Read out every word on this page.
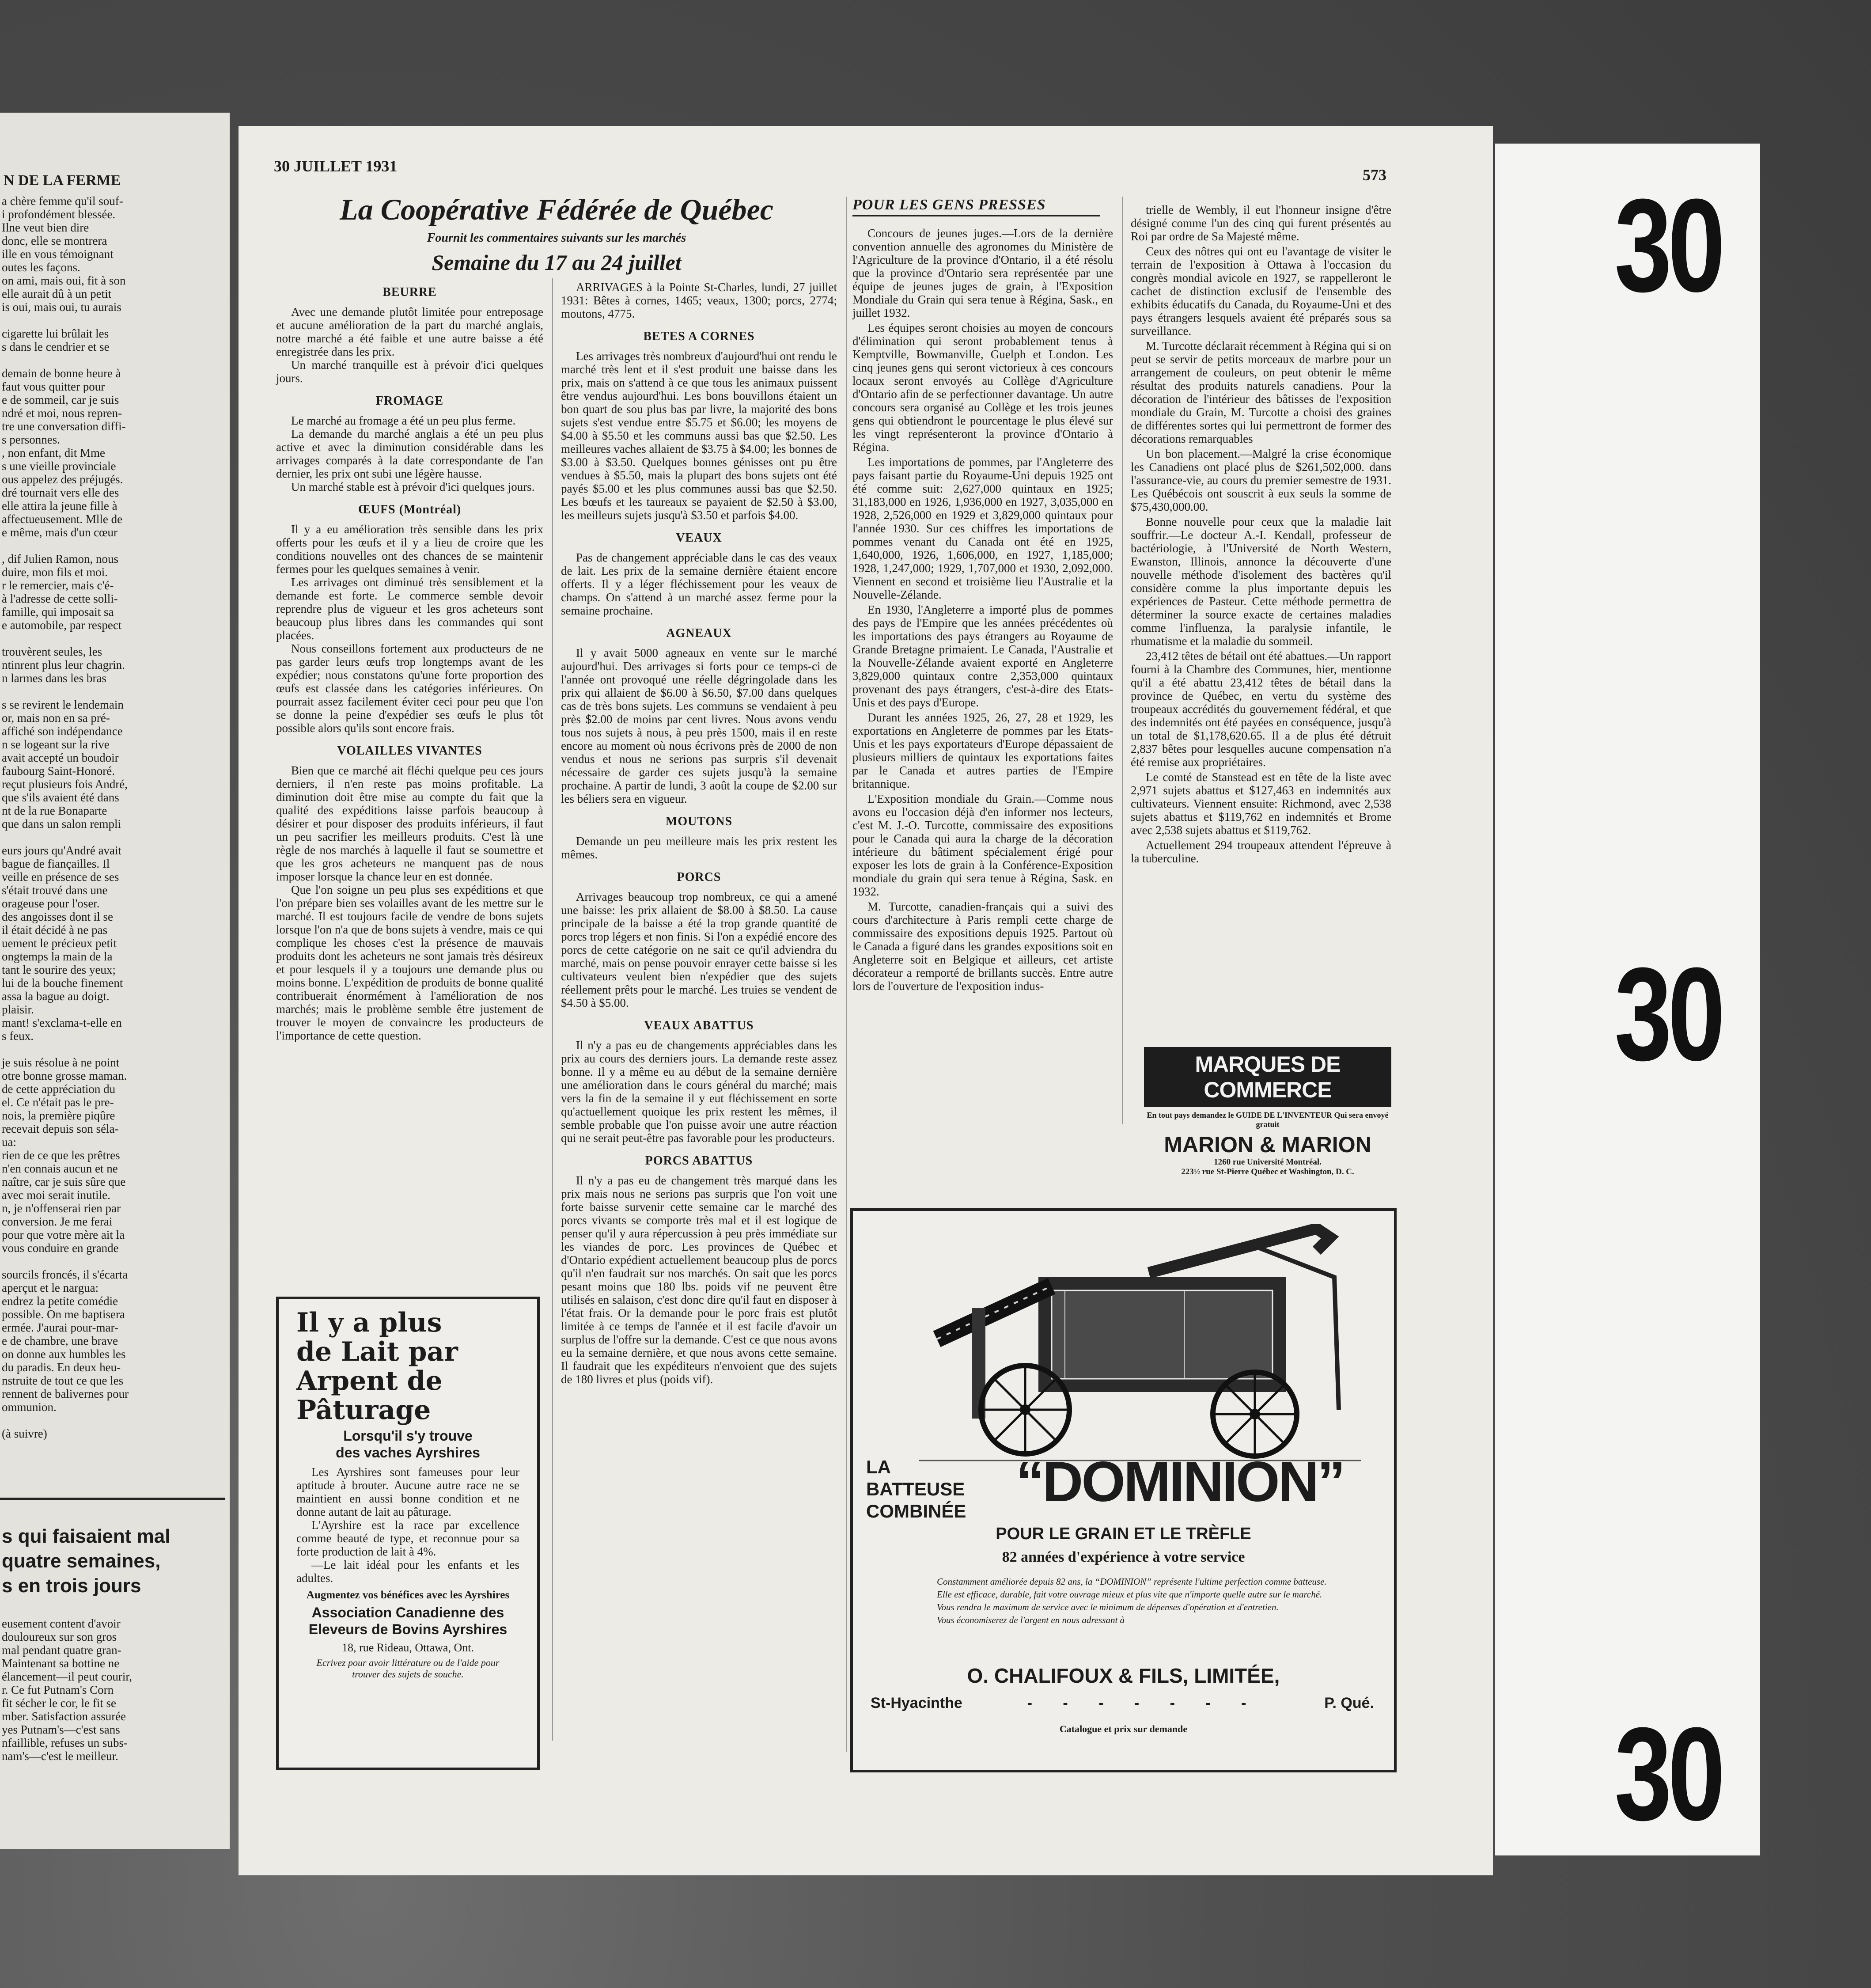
N DE LA FERME
a chère femme qu'il souf-
i profondément blessée.
Ilne veut bien dire
donc, elle se montrera
ille en vous témoignant
outes les façons.
on ami, mais oui, fit à son
elle aurait dû à un petit
is oui, mais oui, tu aurais
cigarette lui brûlait les
s dans le cendrier et se
demain de bonne heure à
faut vous quitter pour
e de sommeil, car je suis
ndré et moi, nous repren-
tre une conversation diffi-
s personnes.
, non enfant, dit Mme
s une vieille provinciale
ous appelez des préjugés.
dré tournait vers elle des
elle attira la jeune fille à
affectueusement. Mlle de
e même, mais d'un cœur
, dif Julien Ramon, nous
duire, mon fils et moi.
r le remercier, mais c'é-
à l'adresse de cette solli-
famille, qui imposait sa
e automobile, par respect
trouvèrent seules, les
ntinrent plus leur chagrin.
n larmes dans les bras
s se revirent le lendemain
or, mais non en sa pré-
affiché son indépendance
n se logeant sur la rive
avait accepté un boudoir
faubourg Saint-Honoré.
reçut plusieurs fois André,
que s'ils avaient été dans
nt de la rue Bonaparte
que dans un salon rempli
eurs jours qu'André avait
bague de fiançailles. Il
veille en présence de ses
s'était trouvé dans une
orageuse pour l'oser.
des angoisses dont il se
il était décidé à ne pas
uement le précieux petit
ongtemps la main de la
tant le sourire des yeux;
lui de la bouche finement
assa la bague au doigt.
plaisir.
mant! s'exclama-t-elle en
s feux.
je suis résolue à ne point
otre bonne grosse maman.
de cette appréciation du
el. Ce n'était pas le pre-
nois, la première piqûre
recevait depuis son séla-
ua:
rien de ce que les prêtres
n'en connais aucun et ne
naître, car je suis sûre que
avec moi serait inutile.
n, je n'offenserai rien par
conversion. Je me ferai
pour que votre mère ait la
vous conduire en grande
sourcils froncés, il s'écarta
aperçut et le nargua:
endrez la petite comédie
possible. On me baptisera
ermée. J'aurai pour-mar-
e de chambre, une brave
on donne aux humbles les
du paradis. En deux heu-
nstruite de tout ce que les
rennent de balivernes pour
ommunion.
(à suivre)
s qui faisaient mal
quatre semaines,
s en trois jours
eusement content d'avoir
douloureux sur son gros
mal pendant quatre gran-
Maintenant sa bottine ne
élancement—il peut courir,
r. Ce fut Putnam's Corn
fit sécher le cor, le fit se
mber. Satisfaction assurée
yes Putnam's—c'est sans
nfaillible, refuses un subs-
nam's—c'est le meilleur.
30 JUILLET 1931	573
La Coopérative Fédérée de Québec
Fournit les commentaires suivants sur les marchés
Semaine du 17 au 24 juillet
BEURRE

Avec une demande plutôt limitée pour entreposage et aucune amélioration de la part du marché anglais, notre marché a été faible et une autre baisse a été enregistrée dans les prix.

Un marché tranquille est à prévoir d'ici quelques jours.

FROMAGE

Le marché au fromage a été un peu plus ferme.

La demande du marché anglais a été un peu plus active et avec la diminution considérable dans les arrivages comparés à la date correspondante de l'an dernier, les prix ont subi une légère hausse.

Un marché stable est à prévoir d'ici quelques jours.

ŒUFS (Montréal)

Il y a eu amélioration très sensible dans les prix offerts pour les œufs et il y a lieu de croire que les conditions nouvelles ont des chances de se maintenir fermes pour les quelques semaines à venir.

Les arrivages ont diminué très sensiblement et la demande est forte. Le commerce semble devoir reprendre plus de vigueur et les gros acheteurs sont beaucoup plus libres dans les commandes qui sont placées.

Nous conseillons fortement aux producteurs de ne pas garder leurs œufs trop longtemps avant de les expédier; nous constatons qu'une forte proportion des œufs est classée dans les catégories inférieures. On pourrait assez facilement éviter ceci pour peu que l'on se donne la peine d'expédier ses œufs le plus tôt possible alors qu'ils sont encore frais.

VOLAILLES VIVANTES

Bien que ce marché ait fléchi quelque peu ces jours derniers, il n'en reste pas moins profitable. La diminution doit être mise au compte du fait que la qualité des expéditions laisse parfois beaucoup à désirer et pour disposer des produits inférieurs, il faut un peu sacrifier les meilleurs produits. C'est là une règle de nos marchés à laquelle il faut se soumettre et que les gros acheteurs ne manquent pas de nous imposer lorsque la chance leur en est donnée.

Que l'on soigne un peu plus ses expéditions et que l'on prépare bien ses volailles avant de les mettre sur le marché. Il est toujours facile de vendre de bons sujets lorsque l'on n'a que de bons sujets à vendre, mais ce qui complique les choses c'est la présence de mauvais produits dont les acheteurs ne sont jamais très désireux et pour lesquels il y a toujours une demande plus ou moins bonne. L'expédition de produits de bonne qualité contribuerait énormément à l'amélioration de nos marchés; mais le problème semble être justement de trouver le moyen de convaincre les producteurs de l'importance de cette question.

ARRIVAGES à la Pointe St-Charles, lundi, 27 juillet 1931: Bêtes à cornes, 1465; veaux, 1300; porcs, 2774; moutons, 4775.

BETES A CORNES

Les arrivages très nombreux d'aujourd'hui ont rendu le marché très lent et il s'est produit une baisse dans les prix, mais on s'attend à ce que tous les animaux puissent être vendus aujourd'hui. Les bons bouvillons étaient un bon quart de sou plus bas par livre, la majorité des bons sujets s'est vendue entre $5.75 et $6.00; les moyens de $4.00 à $5.50 et les communs aussi bas que $2.50. Les meilleures vaches allaient de $3.75 à $4.00; les bonnes de $3.00 à $3.50. Quelques bonnes génisses ont pu être vendues à $5.50, mais la plupart des bons sujets ont été payés $5.00 et les plus communes aussi bas que $2.50. Les bœufs et les taureaux se payaient de $2.50 à $3.00, les meilleurs sujets jusqu'à $3.50 et parfois $4.00.

VEAUX

Pas de changement appréciable dans le cas des veaux de lait. Les prix de la semaine dernière étaient encore offerts. Il y a léger fléchissement pour les veaux de champs. On s'attend à un marché assez ferme pour la semaine prochaine.

AGNEAUX

Il y avait 5000 agneaux en vente sur le marché aujourd'hui. Des arrivages si forts pour ce temps-ci de l'année ont provoqué une réelle dégringolade dans les prix qui allaient de $6.00 à $6.50, $7.00 dans quelques cas de très bons sujets. Les communs se vendaient à peu près $2.00 de moins par cent livres. Nous avons vendu tous nos sujets à nous, à peu près 1500, mais il en reste encore au moment où nous écrivons près de 2000 de non vendus et nous ne serions pas surpris s'il devenait nécessaire de garder ces sujets jusqu'à la semaine prochaine. A partir de lundi, 3 août la coupe de $2.00 sur les béliers sera en vigueur.

MOUTONS

Demande un peu meilleure mais les prix restent les mêmes.

PORCS

Arrivages beaucoup trop nombreux, ce qui a amené une baisse: les prix allaient de $8.00 à $8.50. La cause principale de la baisse a été la trop grande quantité de porcs trop légers et non finis. Si l'on a expédié encore des porcs de cette catégorie on ne sait ce qu'il adviendra du marché, mais on pense pouvoir enrayer cette baisse si les cultivateurs veulent bien n'expédier que des sujets réellement prêts pour le marché. Les truies se vendent de $4.50 à $5.00.

VEAUX ABATTUS

Il n'y a pas eu de changements appréciables dans les prix au cours des derniers jours. La demande reste assez bonne. Il y a même eu au début de la semaine dernière une amélioration dans le cours général du marché; mais vers la fin de la semaine il y eut fléchissement en sorte qu'actuellement quoique les prix restent les mêmes, il semble probable que l'on puisse avoir une autre réaction qui ne serait peut-être pas favorable pour les producteurs.

PORCS ABATTUS

Il n'y a pas eu de changement très marqué dans les prix mais nous ne serions pas surpris que l'on voit une forte baisse survenir cette semaine car le marché des porcs vivants se comporte très mal et il est logique de penser qu'il y aura répercussion à peu près immédiate sur les viandes de porc. Les provinces de Québec et d'Ontario expédient actuellement beaucoup plus de porcs qu'il n'en faudrait sur nos marchés. On sait que les porcs pesant moins que 180 lbs. poids vif ne peuvent être utilisés en salaison, c'est donc dire qu'il faut en disposer à l'état frais. Or la demande pour le porc frais est plutôt limitée à ce temps de l'année et il est facile d'avoir un surplus de l'offre sur la demande. C'est ce que nous avons eu la semaine dernière, et que nous avons cette semaine. Il faudrait que les expéditeurs n'envoient que des sujets de 180 livres et plus (poids vif).

POUR LES GENS PRESSES

Concours de jeunes juges.—Lors de la dernière convention annuelle des agronomes du Ministère de l'Agriculture de la province d'Ontario, il a été résolu que la province d'Ontario sera représentée par une équipe de jeunes juges de grain, à l'Exposition Mondiale du Grain qui sera tenue à Régina, Sask., en juillet 1932.

Les équipes seront choisies au moyen de concours d'élimination qui seront probablement tenus à Kemptville, Bowmanville, Guelph et London. Les cinq jeunes gens qui seront victorieux à ces concours locaux seront envoyés au Collège d'Agriculture d'Ontario afin de se perfectionner davantage. Un autre concours sera organisé au Collège et les trois jeunes gens qui obtiendront le pourcentage le plus élevé sur les vingt représenteront la province d'Ontario à Régina.

Les importations de pommes, par l'Angleterre des pays faisant partie du Royaume-Uni depuis 1925 ont été comme suit: 2,627,000 quintaux en 1925; 31,183,000 en 1926, 1,936,000 en 1927, 3,035,000 en 1928, 2,526,000 en 1929 et 3,829,000 quintaux pour l'année 1930. Sur ces chiffres les importations de pommes venant du Canada ont été en 1925, 1,640,000, 1926, 1,606,000, en 1927, 1,185,000; 1928, 1,247,000; 1929, 1,707,000 et 1930, 2,092,000. Viennent en second et troisième lieu l'Australie et la Nouvelle-Zélande.

En 1930, l'Angleterre a importé plus de pommes des pays de l'Empire que les années précédentes où les importations des pays étrangers au Royaume de Grande Bretagne primaient. Le Canada, l'Australie et la Nouvelle-Zélande avaient exporté en Angleterre 3,829,000 quintaux contre 2,353,000 quintaux provenant des pays étrangers, c'est-à-dire des Etats-Unis et des pays d'Europe.

Durant les années 1925, 26, 27, 28 et 1929, les exportations en Angleterre de pommes par les Etats-Unis et les pays exportateurs d'Europe dépassaient de plusieurs milliers de quintaux les exportations faites par le Canada et autres parties de l'Empire britannique.

L'Exposition mondiale du Grain.—Comme nous avons eu l'occasion déjà d'en informer nos lecteurs, c'est M. J.-O. Turcotte, commissaire des expositions pour le Canada qui aura la charge de la décoration intérieure du bâtiment spécialement érigé pour exposer les lots de grain à la Conférence-Exposition mondiale du grain qui sera tenue à Régina, Sask. en 1932.

M. Turcotte, canadien-français qui a suivi des cours d'architecture à Paris rempli cette charge de commissaire des expositions depuis 1925. Partout où le Canada a figuré dans les grandes expositions soit en Angleterre soit en Belgique et ailleurs, cet artiste décorateur a remporté de brillants succès. Entre autre lors de l'ouverture de l'exposition indus-

trielle de Wembly, il eut l'honneur insigne d'être désigné comme l'un des cinq qui furent présentés au Roi par ordre de Sa Majesté même.

Ceux des nôtres qui ont eu l'avantage de visiter le terrain de l'exposition à Ottawa à l'occasion du congrès mondial avicole en 1927, se rappelleront le cachet de distinction exclusif de l'ensemble des exhibits éducatifs du Canada, du Royaume-Uni et des pays étrangers lesquels avaient été préparés sous sa surveillance.

M. Turcotte déclarait récemment à Régina qui si on peut se servir de petits morceaux de marbre pour un arrangement de couleurs, on peut obtenir le même résultat des produits naturels canadiens. Pour la décoration de l'intérieur des bâtisses de l'exposition mondiale du Grain, M. Turcotte a choisi des graines de différentes sortes qui lui permettront de former des décorations remarquables

Un bon placement.—Malgré la crise économique les Canadiens ont placé plus de $261,502,000. dans l'assurance-vie, au cours du premier semestre de 1931. Les Québécois ont souscrit à eux seuls la somme de $75,430,000.00.

Bonne nouvelle pour ceux que la maladie lait souffrir.—Le docteur A.-I. Kendall, professeur de bactériologie, à l'Université de North Western, Ewanston, Illinois, annonce la découverte d'une nouvelle méthode d'isolement des bactères qu'il considère comme la plus importante depuis les expériences de Pasteur. Cette méthode permettra de déterminer la source exacte de certaines maladies comme l'influenza, la paralysie infantile, le rhumatisme et la maladie du sommeil.

23,412 têtes de bétail ont été abattues.—Un rapport fourni à la Chambre des Communes, hier, mentionne qu'il a été abattu 23,412 têtes de bétail dans la province de Québec, en vertu du système des troupeaux accrédités du gouvernement fédéral, et que des indemnités ont été payées en conséquence, jusqu'à un total de $1,178,620.65. Il a de plus été détruit 2,837 bêtes pour lesquelles aucune compensation n'a été remise aux propriétaires.

Le comté de Stanstead est en tête de la liste avec 2,971 sujets abattus et $127,463 en indemnités aux cultivateurs. Viennent ensuite: Richmond, avec 2,538 sujets abattus et $119,762 en indemnités et Brome avec 2,538 sujets abattus et $119,762.

Actuellement 294 troupeaux attendent l'épreuve à la tuberculine.

MARQUES DE COMMERCE
En tout pays demandez le GUIDE DE L'INVENTEUR Qui sera envoyé gratuit
MARION & MARION
1260 rue Université Montréal.
223½ rue St-Pierre Québec et Washington, D. C.
Il y a plus
de Lait par
Arpent de
Pâturage
Lorsqu'il s'y trouve
des vaches Ayrshires
Les Ayrshires sont fameuses pour leur aptitude à brouter. Aucune autre race ne se maintient en aussi bonne condition et ne donne autant de lait au pâturage.
L'Ayrshire est la race par excellence comme beauté de type, et reconnue pour sa forte production de lait à 4%.
—Le lait idéal pour les enfants et les adultes.
Augmentez vos bénéfices avec les Ayrshires
Association Canadienne des
Eleveurs de Bovins Ayrshires
18, rue Rideau, Ottawa, Ont.
Ecrivez pour avoir littérature ou de l'aide pour trouver des sujets de souche.
LA
BATTEUSE
COMBINÉE “DOMINION”
POUR LE GRAIN ET LE TRÈFLE
82 années d'expérience à votre service
Constamment améliorée depuis 82 ans, la “DOMINION” représente l'ultime perfection comme batteuse.
Elle est efficace, durable, fait votre ouvrage mieux et plus vite que n'importe quelle autre sur le marché.
Vous rendra le maximum de service avec le minimum de dépenses d'opération et d'entretien.
Vous économiserez de l'argent en nous adressant à
O. CHALIFOUX & FILS, LIMITÉE,
St-Hyacinthe	- - - - - - -	P. Qué.
Catalogue et prix sur demande
30
30
30
